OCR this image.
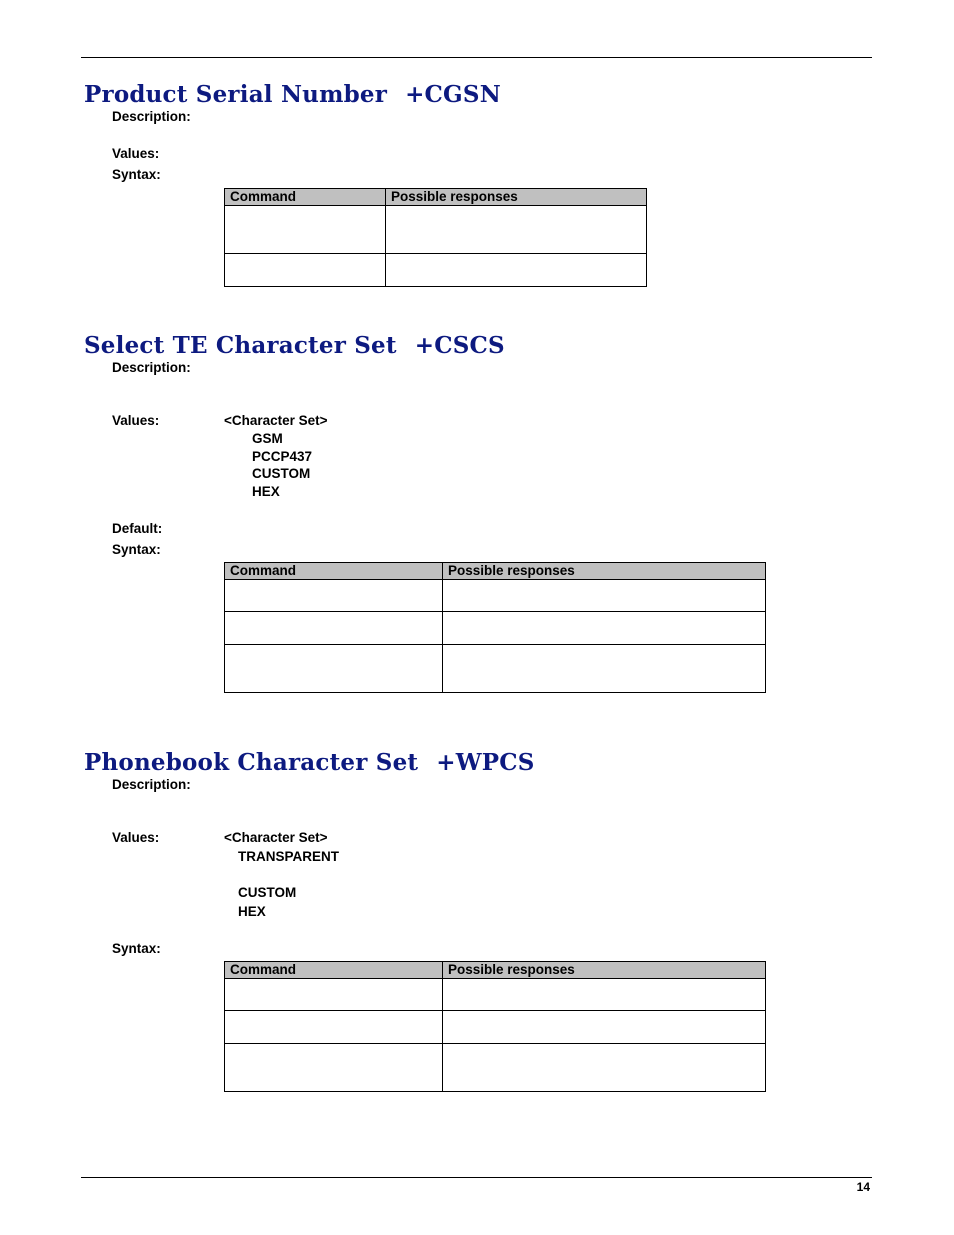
Product Serial Number +CGSN
Description:
Values:
Syntax:
Command	Possible responses

Select TE Character Set +CSCS
Description:
Values:	<Character Set>
GSM
PCCP437
CUSTOM
HEX
Default:
Syntax:
Command	Possible responses

Phonebook Character Set +WPCS
Description:
Values:	<Character Set>
TRANSPARENT
CUSTOM
HEX
Syntax:
Command	Possible responses

14
